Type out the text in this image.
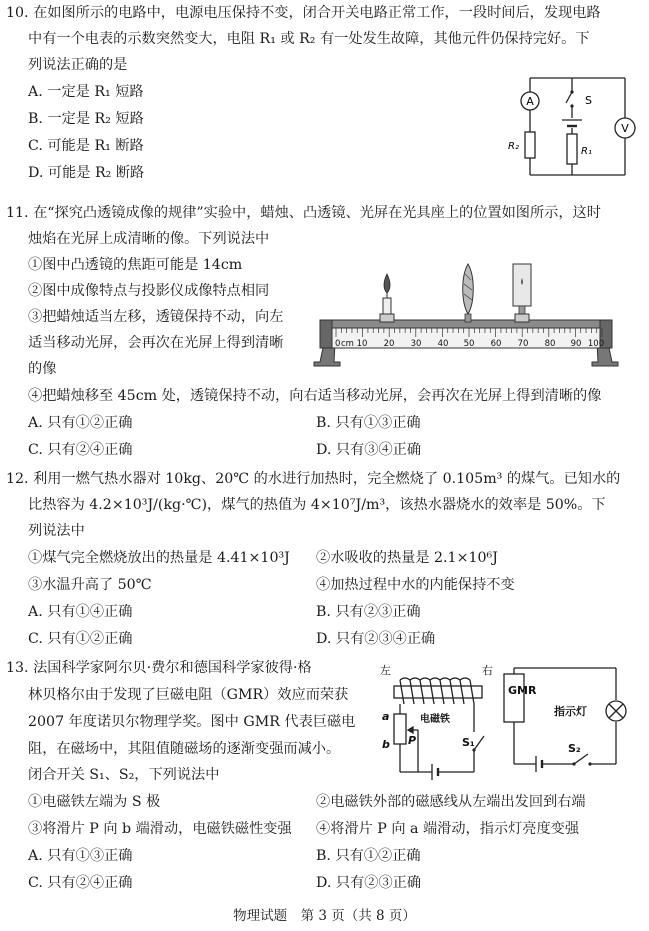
10. 在如图所示的电路中，电源电压保持不变，闭合开关电路正常工作，一段时间后，发现电路
中有一个电表的示数突然变大，电阻 R₁ 或 R₂ 有一处发生故障，其他元件仍保持完好。下
列说法正确的是
A. 一定是 R₁ 短路
B. 一定是 R₂ 短路
C. 可能是 R₁ 断路
D. 可能是 R₂ 断路
A
V
S
R₂	R₁
11. 在“探究凸透镜成像的规律”实验中，蜡烛、凸透镜、光屏在光具座上的位置如图所示，这时
烛焰在光屏上成清晰的像。下列说法中
①图中凸透镜的焦距可能是 14cm
②图中成像特点与投影仪成像特点相同
③把蜡烛适当左移，透镜保持不动，向左
适当移动光屏，会再次在光屏上得到清晰
的像
④把蜡烛移至 45cm 处，透镜保持不动，向右适当移动光屏，会再次在光屏上得到清晰的像
A. 只有①②正确	B. 只有①③正确
C. 只有②④正确	D. 只有③④正确
0 cm 10 20 30 40 50 60 70 80 90 100
12. 利用一燃气热水器对 10kg、20℃ 的水进行加热时，完全燃烧了 0.105m³ 的煤气。已知水的
比热容为 4.2×10³J/(kg·℃)，煤气的热值为 4×10⁷J/m³，该热水器烧水的效率是 50%。下
列说法中
①煤气完全燃烧放出的热量是 4.41×10³J ②水吸收的热量是 2.1×10⁶J
③水温升高了 50℃	④加热过程中水的内能保持不变
A. 只有①④正确	B. 只有②③正确
C. 只有①②正确	D. 只有②③④正确
13. 法国科学家阿尔贝·费尔和德国科学家彼得·格
林贝格尔由于发现了巨磁电阻（GMR）效应而荣获
2007 年度诺贝尔物理学奖。图中 GMR 代表巨磁电
阻，在磁场中，其阻值随磁场的逐渐变强而减小。
闭合开关 S₁、S₂，下列说法中
①电磁铁左端为 S 极	②电磁铁外部的磁感线从左端出发回到右端
③将滑片 P 向 b 端滑动，电磁铁磁性变强 ④将滑片 P 向 a 端滑动，指示灯亮度变强
A. 只有①③正确	B. 只有①②正确
C. 只有②④正确	D. 只有②③正确
左	右
GMR
指示灯
电磁铁
a
b P	S₁	S₂
物理试题　第 3 页（共 8 页）
